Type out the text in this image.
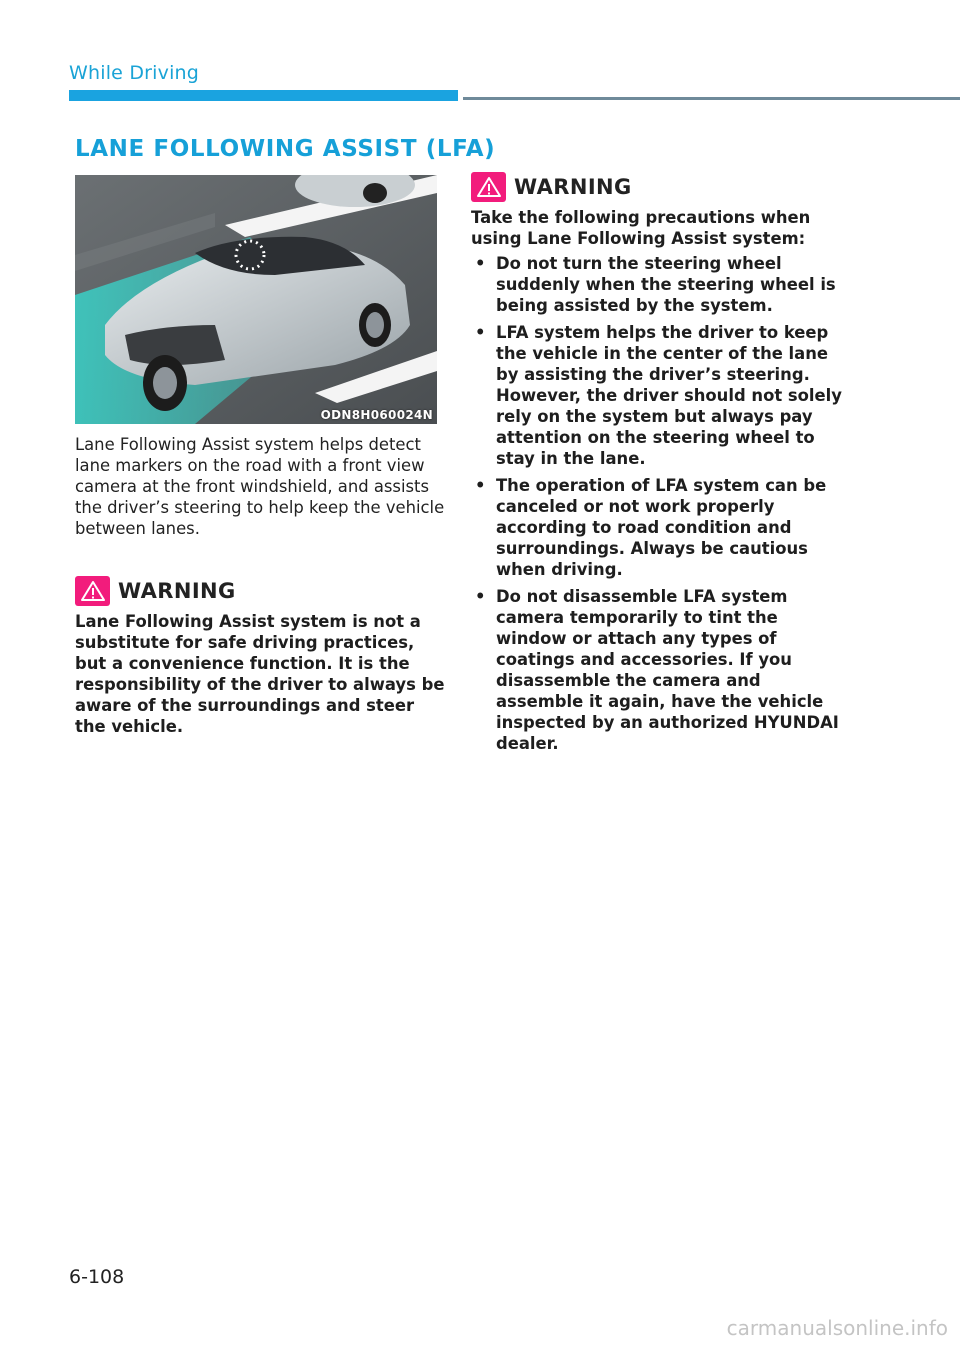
While Driving
LANE FOLLOWING ASSIST (LFA)
ODN8H060024N

Lane Following Assist system helps detect lane markers on the road with a front view camera at the front windshield, and assists the driver’s steering to help keep the vehicle between lanes.

WARNING

Lane Following Assist system is not a substitute for safe driving practices, but a convenience function. It is the responsibility of the driver to always be aware of the surroundings and steer the vehicle.

WARNING

Take the following precautions when using Lane Following Assist system:

• Do not turn the steering wheel suddenly when the steering wheel is being assisted by the system.
• LFA system helps the driver to keep the vehicle in the center of the lane by assisting the driver’s steering. However, the driver should not solely rely on the system but always pay attention on the steering wheel to stay in the lane.
• The operation of LFA system can be canceled or not work properly according to road condition and surroundings. Always be cautious when driving.
• Do not disassemble LFA system camera temporarily to tint the window or attach any types of coatings and accessories. If you disassemble the camera and assemble it again, have the vehicle inspected by an authorized HYUNDAI dealer.
6-108
carmanualsonline.info
